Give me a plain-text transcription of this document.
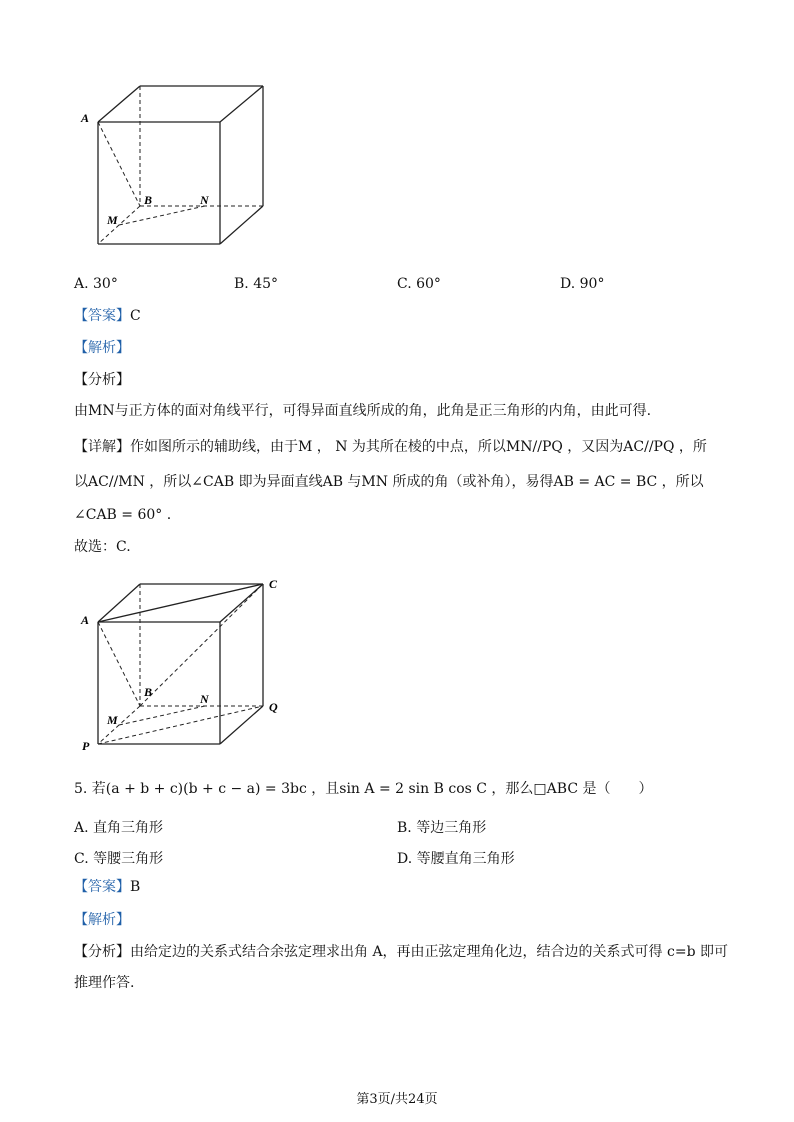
A
B	N
M
A. 30°	B. 45°	C. 60°	D. 90°
【答案】C
【解析】
【分析】
由MN与正方体的面对角线平行，可得异面直线所成的角，此角是正三角形的内角，由此可得.
【详解】作如图所示的辅助线，由于M ， N 为其所在棱的中点，所以MN//PQ ，又因为AC//PQ ，所
以AC//MN ，所以∠CAB 即为异面直线AB 与MN 所成的角（或补角），易得AB = AC = BC ，所以
∠CAB = 60° .
故选：C.
A
C
B	N
M
Q
P
5. 若(a + b + c)(b + c − a) = 3bc ，且sin A = 2 sin B cos C ，那么□ABC 是（　　）
A. 直角三角形	B. 等边三角形
C. 等腰三角形	D. 等腰直角三角形
【答案】B
【解析】
【分析】由给定边的关系式结合余弦定理求出角 A，再由正弦定理角化边，结合边的关系式可得 c=b 即可
推理作答.
第3页/共24页
